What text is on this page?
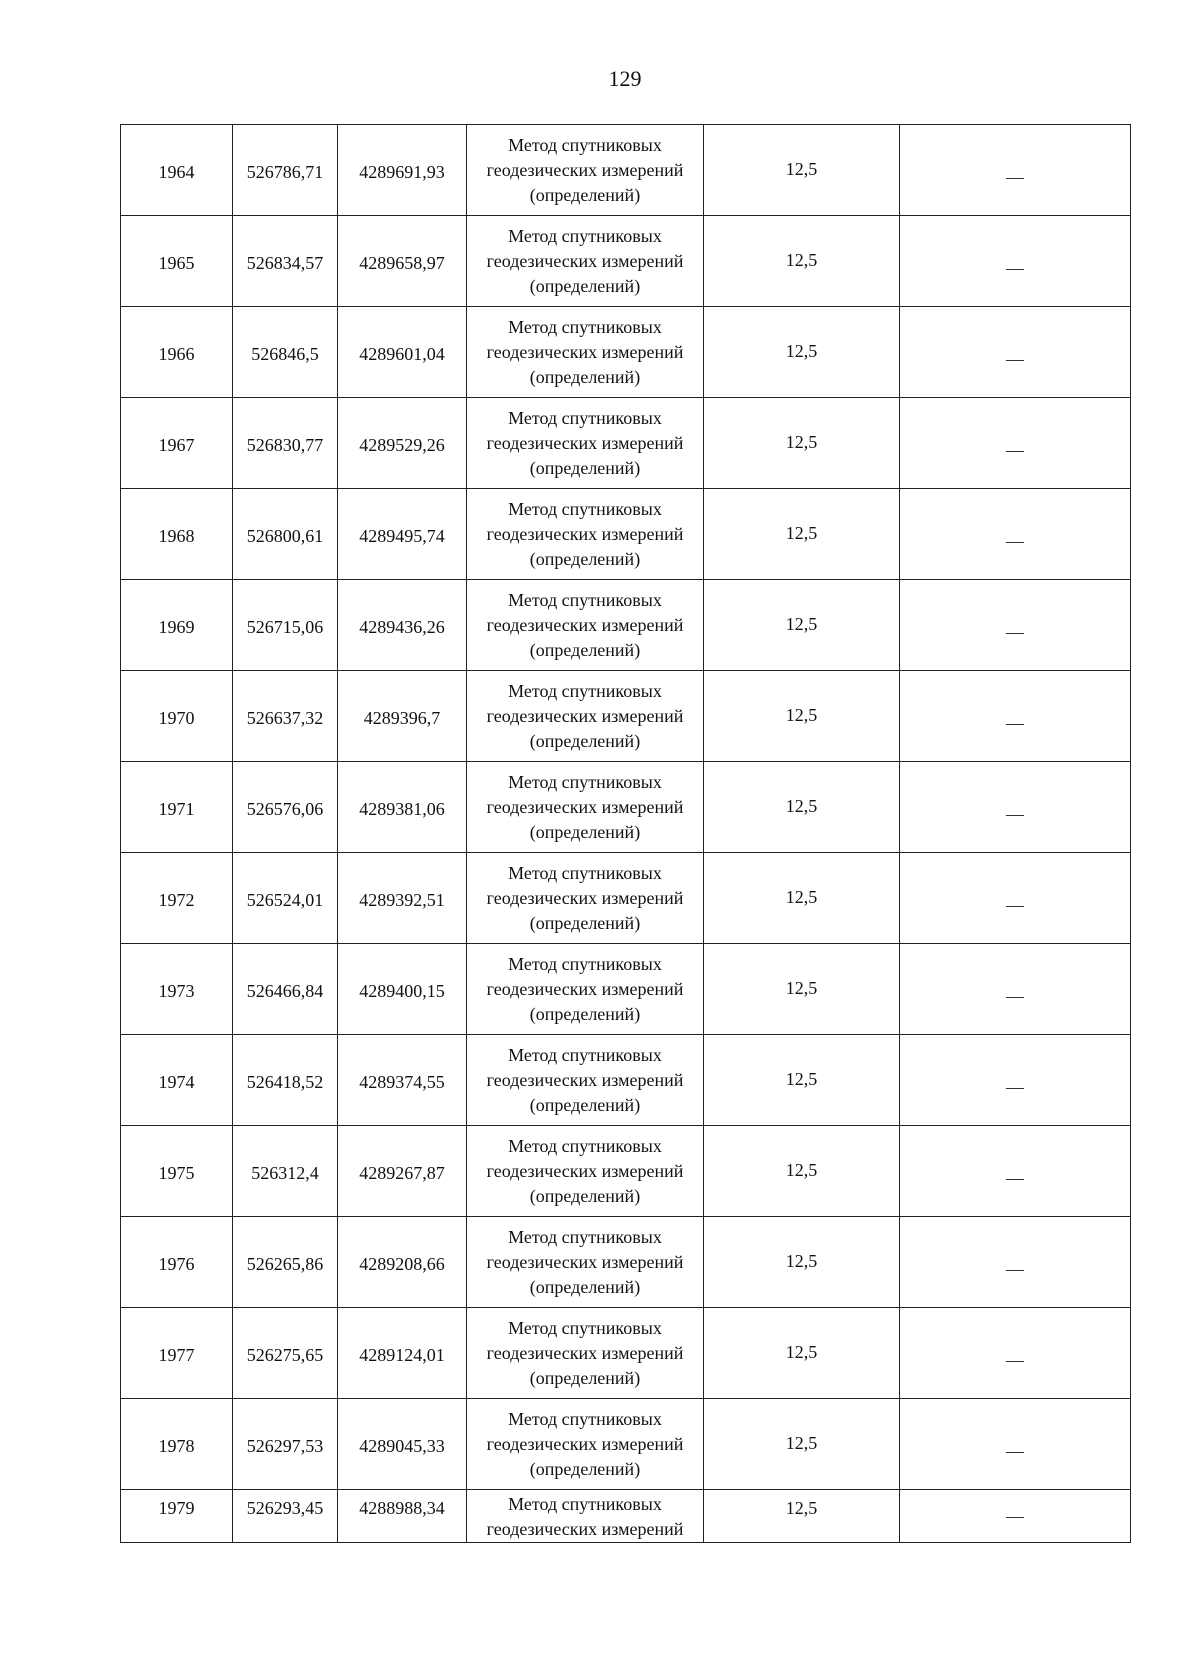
129
1964	526786,71	4289691,93	Метод спутниковых
геодезических измерений
(определений)	12,5	—
1965	526834,57	4289658,97	Метод спутниковых
геодезических измерений
(определений)	12,5	—
1966	526846,5	4289601,04	Метод спутниковых
геодезических измерений
(определений)	12,5	—
1967	526830,77	4289529,26	Метод спутниковых
геодезических измерений
(определений)	12,5	—
1968	526800,61	4289495,74	Метод спутниковых
геодезических измерений
(определений)	12,5	—
1969	526715,06	4289436,26	Метод спутниковых
геодезических измерений
(определений)	12,5	—
1970	526637,32	4289396,7	Метод спутниковых
геодезических измерений
(определений)	12,5	—
1971	526576,06	4289381,06	Метод спутниковых
геодезических измерений
(определений)	12,5	—
1972	526524,01	4289392,51	Метод спутниковых
геодезических измерений
(определений)	12,5	—
1973	526466,84	4289400,15	Метод спутниковых
геодезических измерений
(определений)	12,5	—
1974	526418,52	4289374,55	Метод спутниковых
геодезических измерений
(определений)	12,5	—
1975	526312,4	4289267,87	Метод спутниковых
геодезических измерений
(определений)	12,5	—
1976	526265,86	4289208,66	Метод спутниковых
геодезических измерений
(определений)	12,5	—
1977	526275,65	4289124,01	Метод спутниковых
геодезических измерений
(определений)	12,5	—
1978	526297,53	4289045,33	Метод спутниковых
геодезических измерений
(определений)	12,5	—
1979	526293,45	4288988,34	Метод спутниковых
геодезических измерений	12,5	—
